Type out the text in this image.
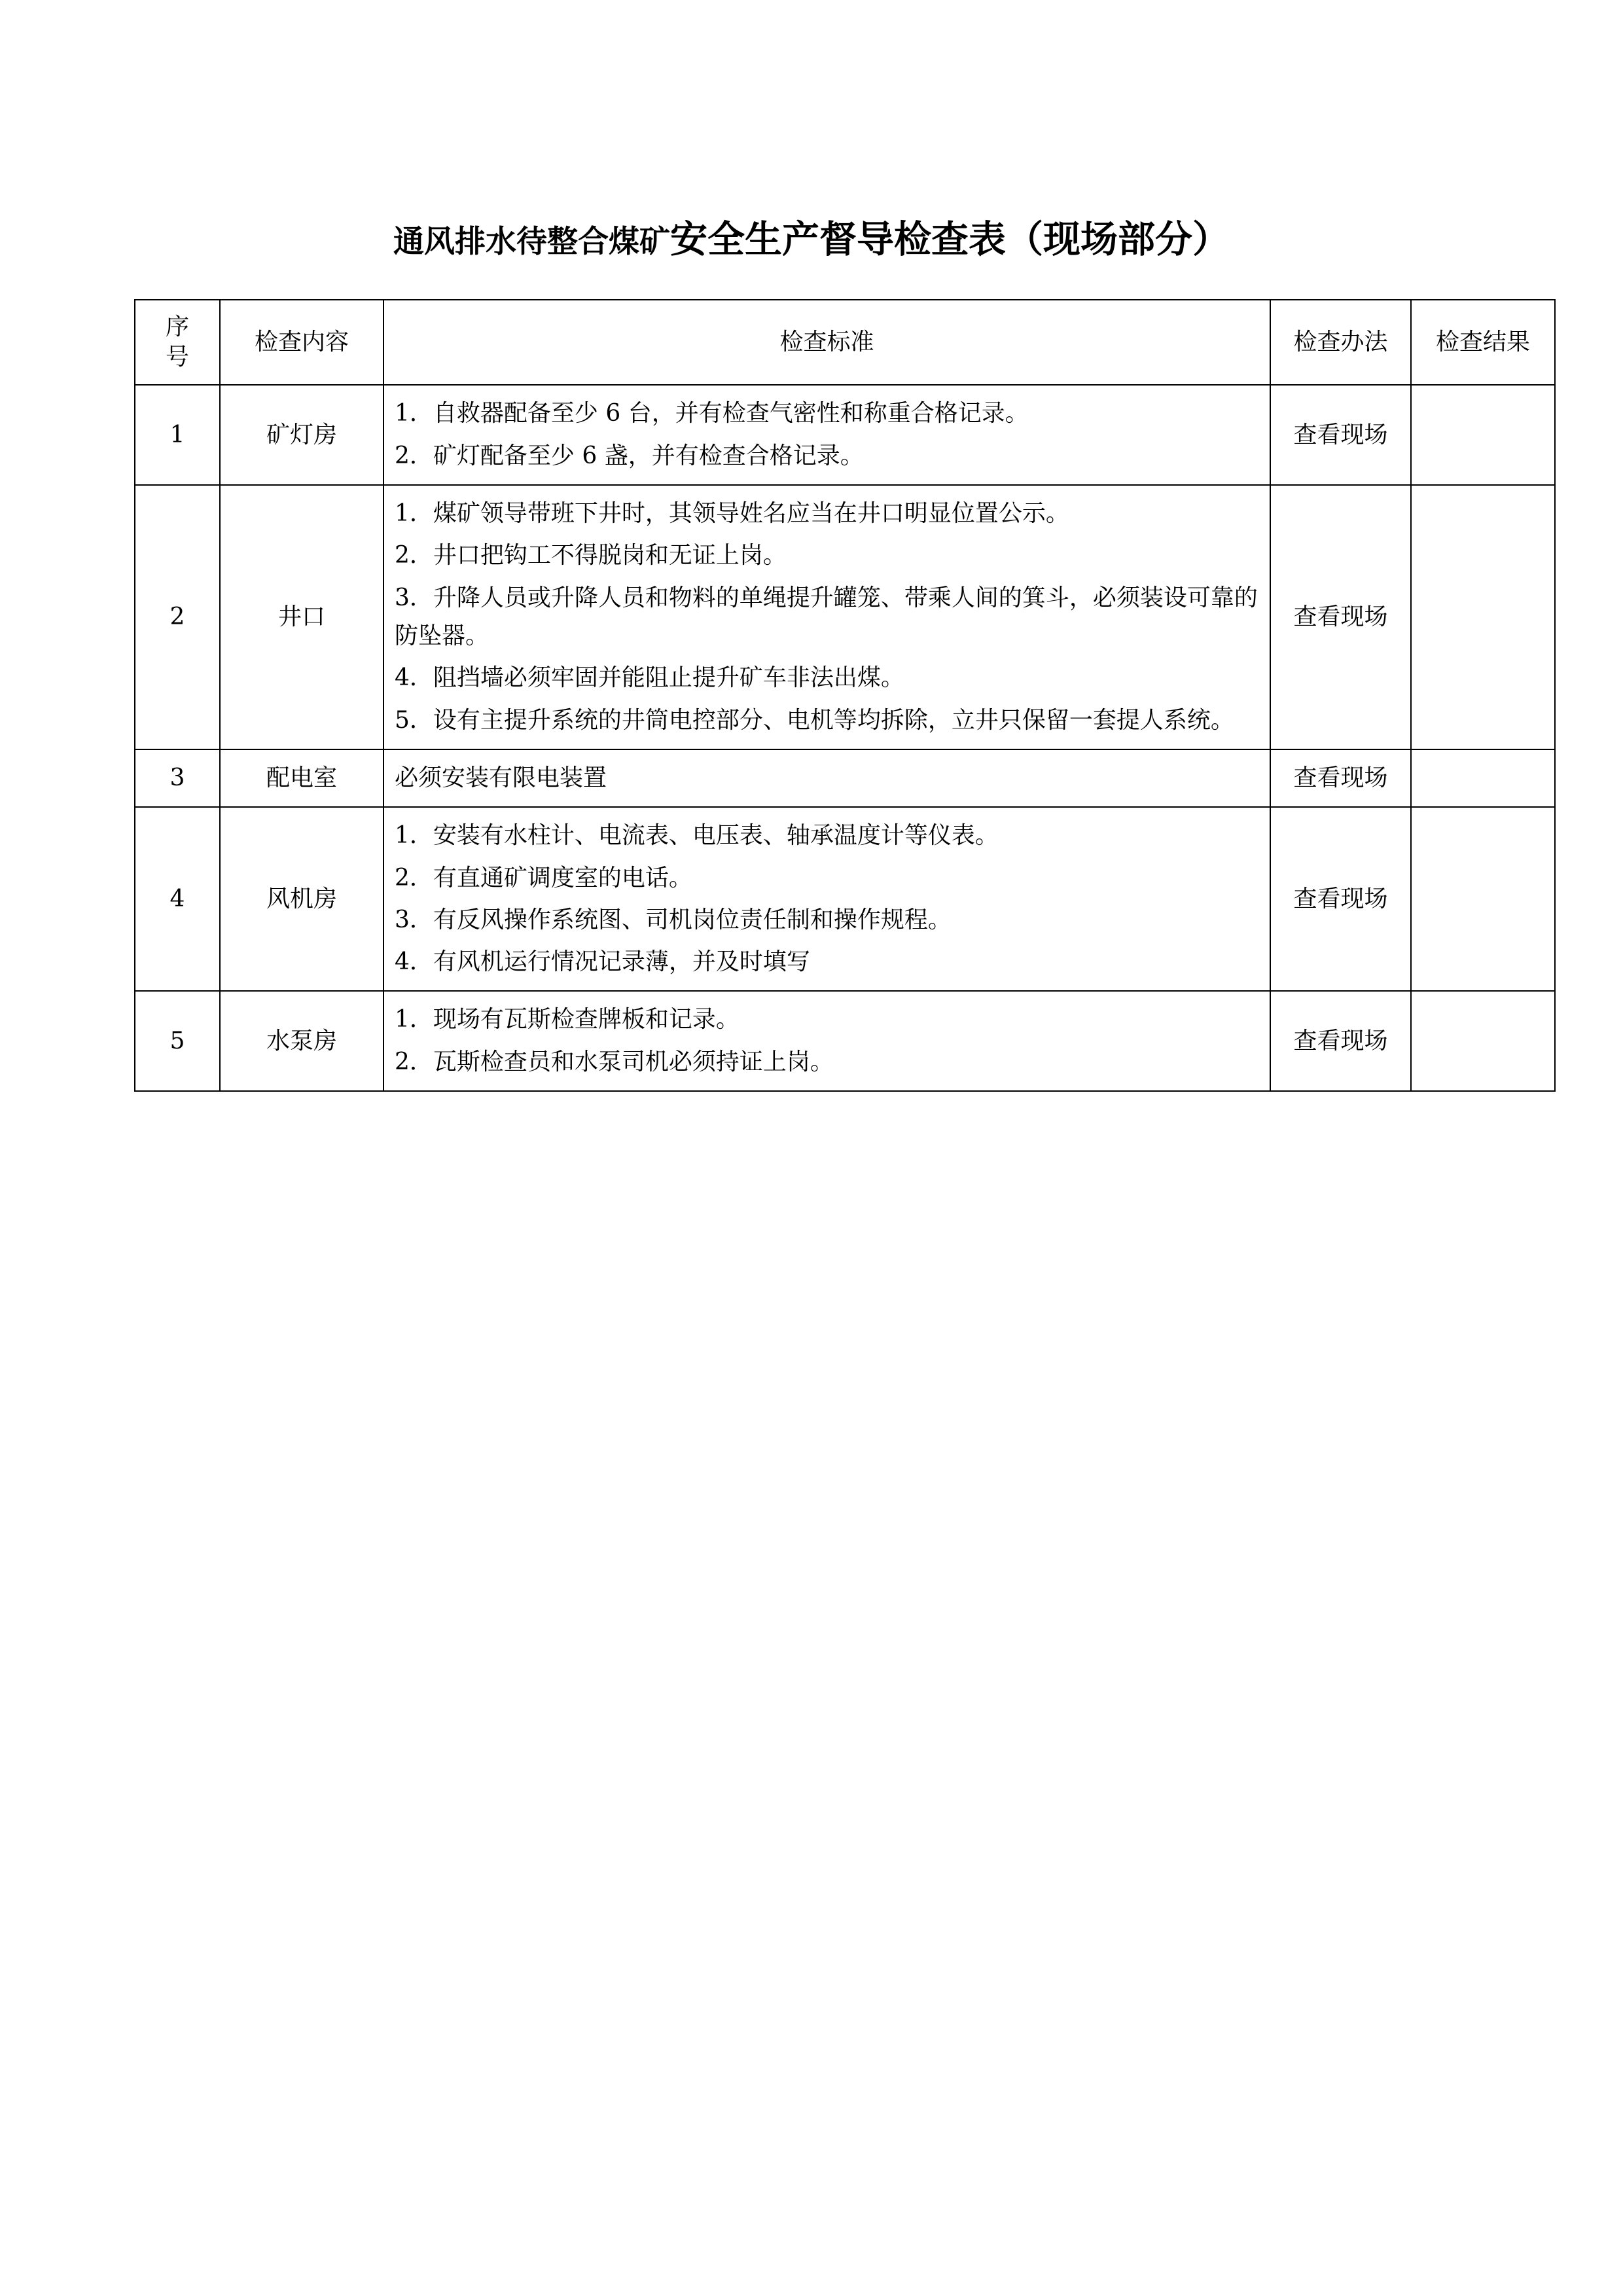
通风排水待整合煤矿安全生产督导检查表（现场部分）
序
号	检查内容	检查标准	检查办法	检查结果
1	矿灯房	1．自救器配备至少 6 台，并有检查气密性和称重合格记录。

2．矿灯配备至少 6 盏，并有检查合格记录。	查看现场	
2	井口	1．煤矿领导带班下井时，其领导姓名应当在井口明显位置公示。

2．井口把钩工不得脱岗和无证上岗。

3．升降人员或升降人员和物料的单绳提升罐笼、带乘人间的箕斗，必须装设可靠的防坠器。

4．阻挡墙必须牢固并能阻止提升矿车非法出煤。

5．设有主提升系统的井筒电控部分、电机等均拆除，立井只保留一套提人系统。	查看现场	
3	配电室	必须安装有限电装置	查看现场	
4	风机房	1．安装有水柱计、电流表、电压表、轴承温度计等仪表。

2．有直通矿调度室的电话。

3．有反风操作系统图、司机岗位责任制和操作规程。

4．有风机运行情况记录薄，并及时填写	查看现场	
5	水泵房	1．现场有瓦斯检查牌板和记录。

2．瓦斯检查员和水泵司机必须持证上岗。	查看现场	
